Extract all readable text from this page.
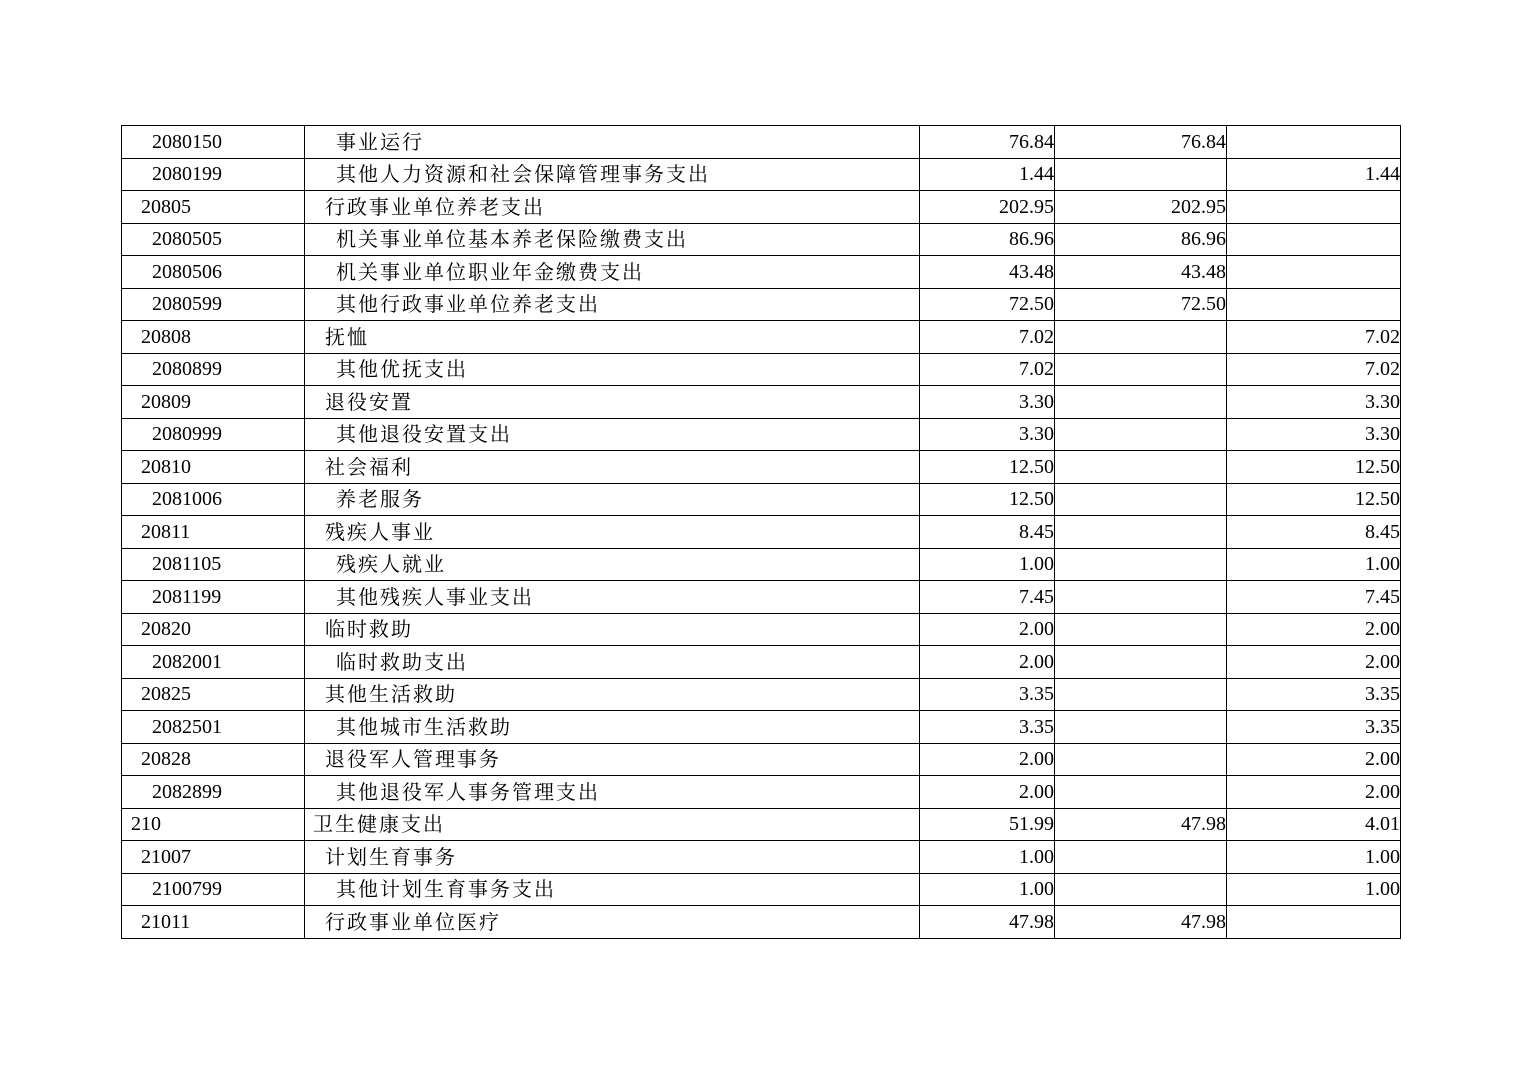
2080150	事业运行	76.84	76.84	
2080199	其他人力资源和社会保障管理事务支出	1.44		1.44
20805	行政事业单位养老支出	202.95	202.95	
2080505	机关事业单位基本养老保险缴费支出	86.96	86.96	
2080506	机关事业单位职业年金缴费支出	43.48	43.48	
2080599	其他行政事业单位养老支出	72.50	72.50	
20808	抚恤	7.02		7.02
2080899	其他优抚支出	7.02		7.02
20809	退役安置	3.30		3.30
2080999	其他退役安置支出	3.30		3.30
20810	社会福利	12.50		12.50
2081006	养老服务	12.50		12.50
20811	残疾人事业	8.45		8.45
2081105	残疾人就业	1.00		1.00
2081199	其他残疾人事业支出	7.45		7.45
20820	临时救助	2.00		2.00
2082001	临时救助支出	2.00		2.00
20825	其他生活救助	3.35		3.35
2082501	其他城市生活救助	3.35		3.35
20828	退役军人管理事务	2.00		2.00
2082899	其他退役军人事务管理支出	2.00		2.00
210	卫生健康支出	51.99	47.98	4.01
21007	计划生育事务	1.00		1.00
2100799	其他计划生育事务支出	1.00		1.00
21011	行政事业单位医疗	47.98	47.98	
